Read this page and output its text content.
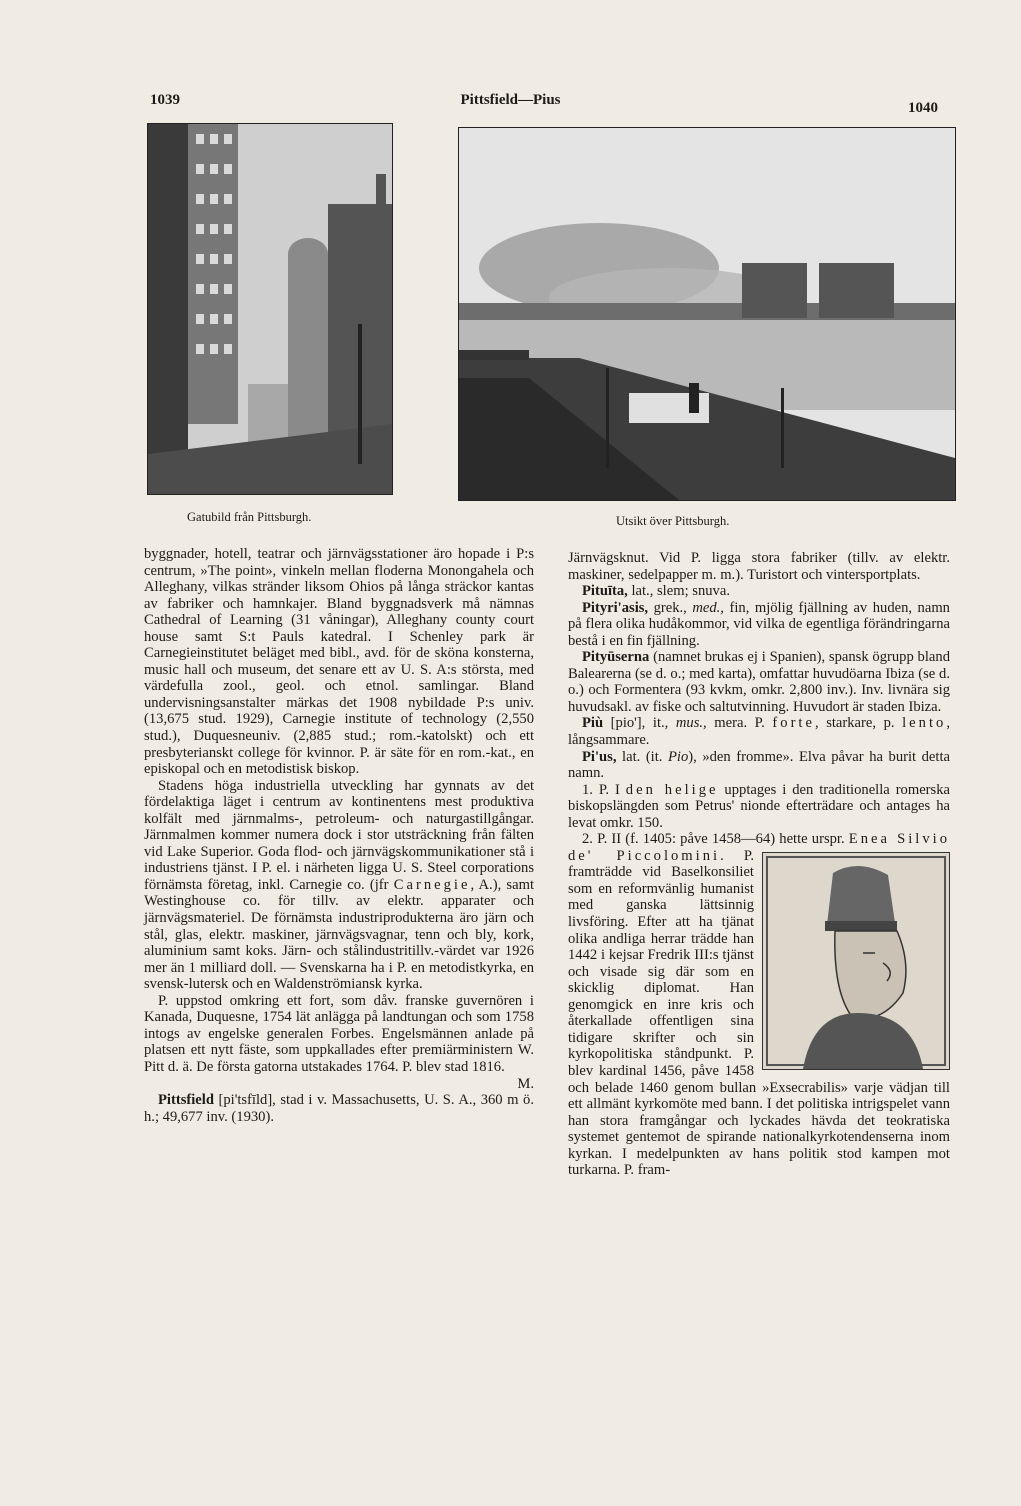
1039	Pittsfield—Pius	1040
Gatubild från Pittsburgh.	Utsikt över Pittsburgh.

byggnader, hotell, teatrar och järnvägsstationer äro hopade i P:s centrum, »The point», vinkeln mellan floderna Monongahela och Alleghany, vilkas stränder liksom Ohios på långa sträckor kantas av fabriker och hamnkajer. Bland byggnadsverk må nämnas Cathedral of Learning (31 våningar), Alleghany county court house samt S:t Pauls katedral. I Schenley park är Carnegieinstitutet beläget med bibl., avd. för de sköna konsterna, music hall och museum, det senare ett av U. S. A:s största, med värdefulla zool., geol. och etnol. samlingar. Bland undervisningsanstalter märkas det 1908 nybildade P:s univ. (13,675 stud. 1929), Carnegie institute of technology (2,550 stud.), Duquesneuniv. (2,885 stud.; rom.-katolskt) och ett presbyterianskt college för kvinnor. P. är säte för en rom.-kat., en episkopal och en metodistisk biskop.

Stadens höga industriella utveckling har gynnats av det fördelaktiga läget i centrum av kontinentens mest produktiva kolfält med järnmalms-, petroleum- och naturgastillgångar. Järnmalmen kommer numera dock i stor utsträckning från fälten vid Lake Superior. Goda flod- och järnvägskommunikationer stå i industriens tjänst. I P. el. i närheten ligga U. S. Steel corporations förnämsta företag, inkl. Carnegie co. (jfr Carnegie, A.), samt Westinghouse co. för tillv. av elektr. apparater och järnvägsmateriel. De förnämsta industriprodukterna äro järn och stål, glas, elektr. maskiner, järnvägsvagnar, tenn och bly, kork, aluminium samt koks. Järn- och stålindustritillv.-värdet var 1926 mer än 1 milliard doll. — Svenskarna ha i P. en metodistkyrka, en svensk-lutersk och en Waldenströmiansk kyrka.

P. uppstod omkring ett fort, som dåv. franske guvernören i Kanada, Duquesne, 1754 lät anlägga på landtungan och som 1758 intogs av engelske generalen Forbes. Engelsmännen anlade på platsen ett nytt fäste, som uppkallades efter premiärministern W. Pitt d. ä. De första gatorna utstakades 1764. P. blev stad 1816.
M.

Pittsfield [pi'tsfīld], stad i v. Massachusetts, U. S. A., 360 m ö. h.; 49,677 inv. (1930).

Järnvägsknut. Vid P. ligga stora fabriker (tillv. av elektr. maskiner, sedelpapper m. m.). Turistort och vintersportplats.

Pituīta, lat., slem; snuva.

Pityri'asis, grek., med., fin, mjölig fjällning av huden, namn på flera olika hudåkommor, vid vilka de egentliga förändringarna bestå i en fin fjällning.

Pityūserna (namnet brukas ej i Spanien), spansk ögrupp bland Balearerna (se d. o.; med karta), omfattar huvudöarna Ibiza (se d. o.) och Formentera (93 kvkm, omkr. 2,800 inv.). Inv. livnära sig huvudsakl. av fiske och saltutvinning. Huvudort är staden Ibiza.

Più [pio'], it., mus., mera. P. forte, starkare, p. lento, långsammare.

Pi'us, lat. (it. Pio), »den fromme». Elva påvar ha burit detta namn.

1. P. I den helige upptages i den traditionella romerska biskopslängden som Petrus' nionde efterträdare och antages ha levat omkr. 150.

2. P. II (f. 1405: påve 1458—64) hette urspr. Enea Silvio de' Piccolomini
. P. framträdde vid Baselkonsiliet som en reformvänlig humanist med ganska lättsinnig livsföring. Efter att ha tjänat olika andliga herrar trädde han 1442 i kejsar Fredrik III:s tjänst och visade sig där som en skicklig diplomat. Han genomgick en inre kris och återkallade offentligen sina tidigare skrifter och sin kyrkopolitiska ståndpunkt. P. blev kardinal 1456, påve 1458 och belade 1460 genom bullan »Exsecrabilis» varje vädjan till ett allmänt kyrkomöte med bann. I det politiska intrigspelet vann han stora framgångar och lyckades hävda det teokratiska systemet gentemot de spirande nationalkyrkotendenserna inom kyrkan. I medelpunkten av hans politik stod kampen mot turkarna. P. fram-
